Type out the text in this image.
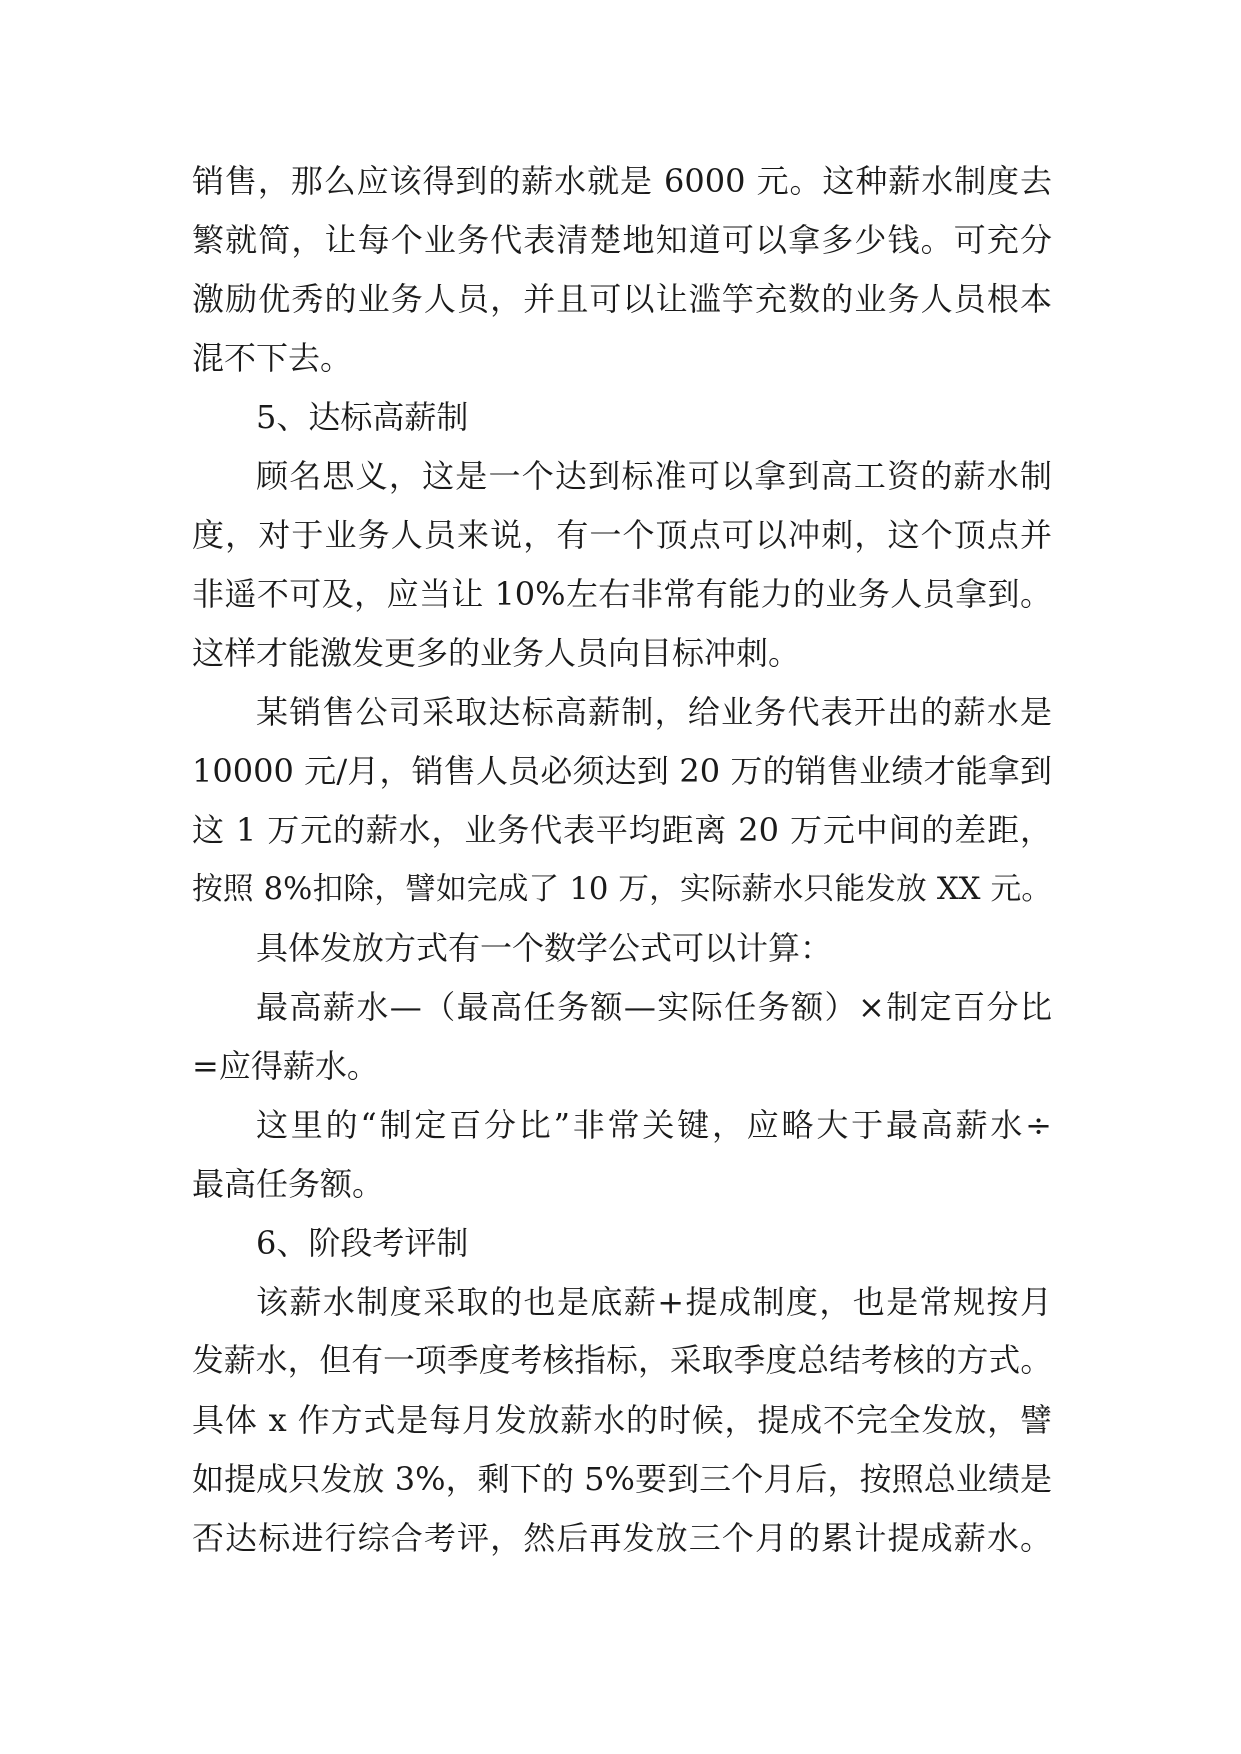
销售，那么应该得到的薪水就是 6000 元。这种薪水制度去
繁就简，让每个业务代表清楚地知道可以拿多少钱。可充分
激励优秀的业务人员，并且可以让滥竽充数的业务人员根本
混不下去。
5、达标高薪制
顾名思义，这是一个达到标准可以拿到高工资的薪水制
度，对于业务人员来说，有一个顶点可以冲刺，这个顶点并
非遥不可及，应当让 10%左右非常有能力的业务人员拿到。
这样才能激发更多的业务人员向目标冲刺。
某销售公司采取达标高薪制，给业务代表开出的薪水是
10000 元/月，销售人员必须达到 20 万的销售业绩才能拿到
这 1 万元的薪水，业务代表平均距离 20 万元中间的差距，
按照 8%扣除，譬如完成了 10 万，实际薪水只能发放 XX 元。
具体发放方式有一个数学公式可以计算：
最高薪水—（最高任务额—实际任务额）×制定百分比
=应得薪水。
这里的“制定百分比”非常关键，应略大于最高薪水÷
最高任务额。
6、阶段考评制
该薪水制度采取的也是底薪+提成制度，也是常规按月
发薪水，但有一项季度考核指标，采取季度总结考核的方式。
具体 x 作方式是每月发放薪水的时候，提成不完全发放，譬
如提成只发放 3%，剩下的 5%要到三个月后，按照总业绩是
否达标进行综合考评，然后再发放三个月的累计提成薪水。
